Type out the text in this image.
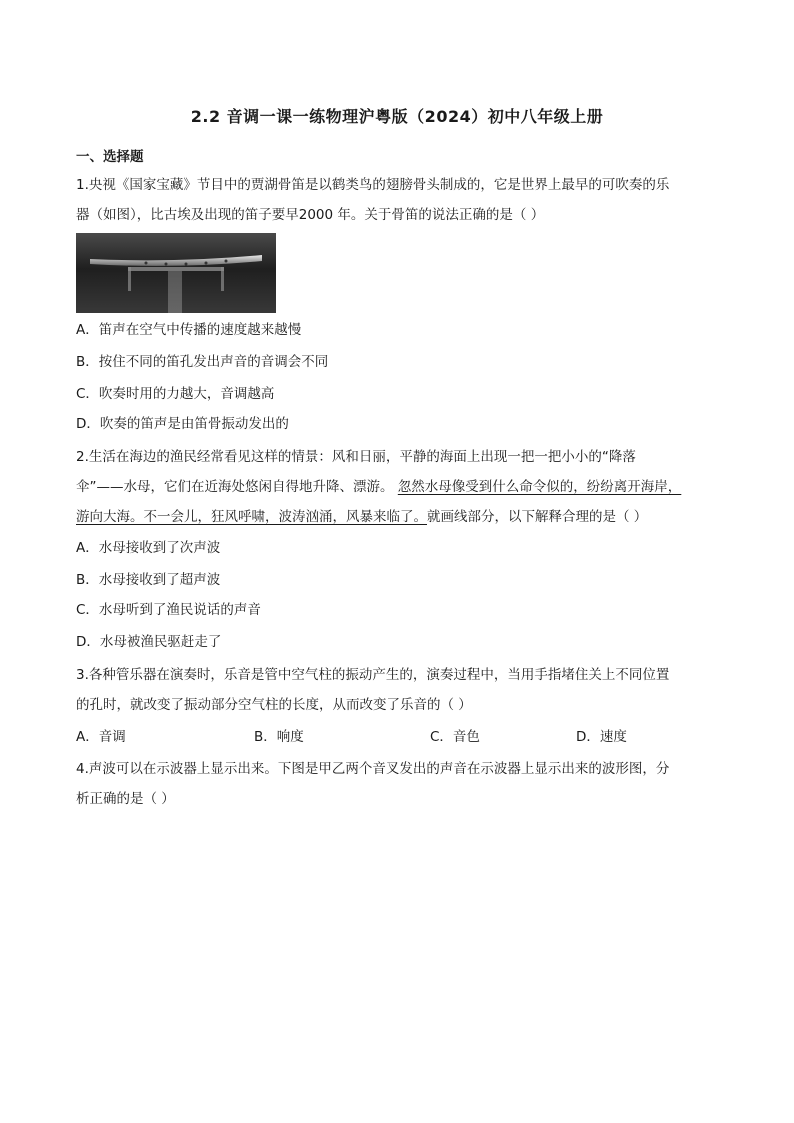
2.2 音调一课一练物理沪粤版（2024）初中八年级上册
一、选择题

1.央视《国家宝藏》节目中的贾湖骨笛是以鹤类鸟的翅膀骨头制成的，它是世界上最早的可吹奏的乐

器（如图），比古埃及出现的笛子要早2000 年。关于骨笛的说法正确的是（ ）

A．笛声在空气中传播的速度越来越慢
B．按住不同的笛孔发出声音的音调会不同
C．吹奏时用的力越大，音调越高
D．吹奏的笛声是由笛骨振动发出的

2.生活在海边的渔民经常看见这样的情景：风和日丽，平静的海面上出现一把一把小小的“降落

伞”——水母，它们在近海处悠闲自得地升降、漂游。 忽然水母像受到什么命令似的，纷纷离开海岸，

游向大海。不一会儿，狂风呼啸，波涛汹涌，风暴来临了。就画线部分，以下解释合理的是（ ）

A．水母接收到了次声波
B．水母接收到了超声波
C．水母听到了渔民说话的声音
D．水母被渔民驱赶走了

3.各种管乐器在演奏时，乐音是管中空气柱的振动产生的，演奏过程中，当用手指堵住关上不同位置

的孔时，就改变了振动部分空气柱的长度，从而改变了乐音的（ ）

A．音调	B．响度	C．音色	D．速度

4.声波可以在示波器上显示出来。下图是甲乙两个音叉发出的声音在示波器上显示出来的波形图，分

析正确的是（ ）
